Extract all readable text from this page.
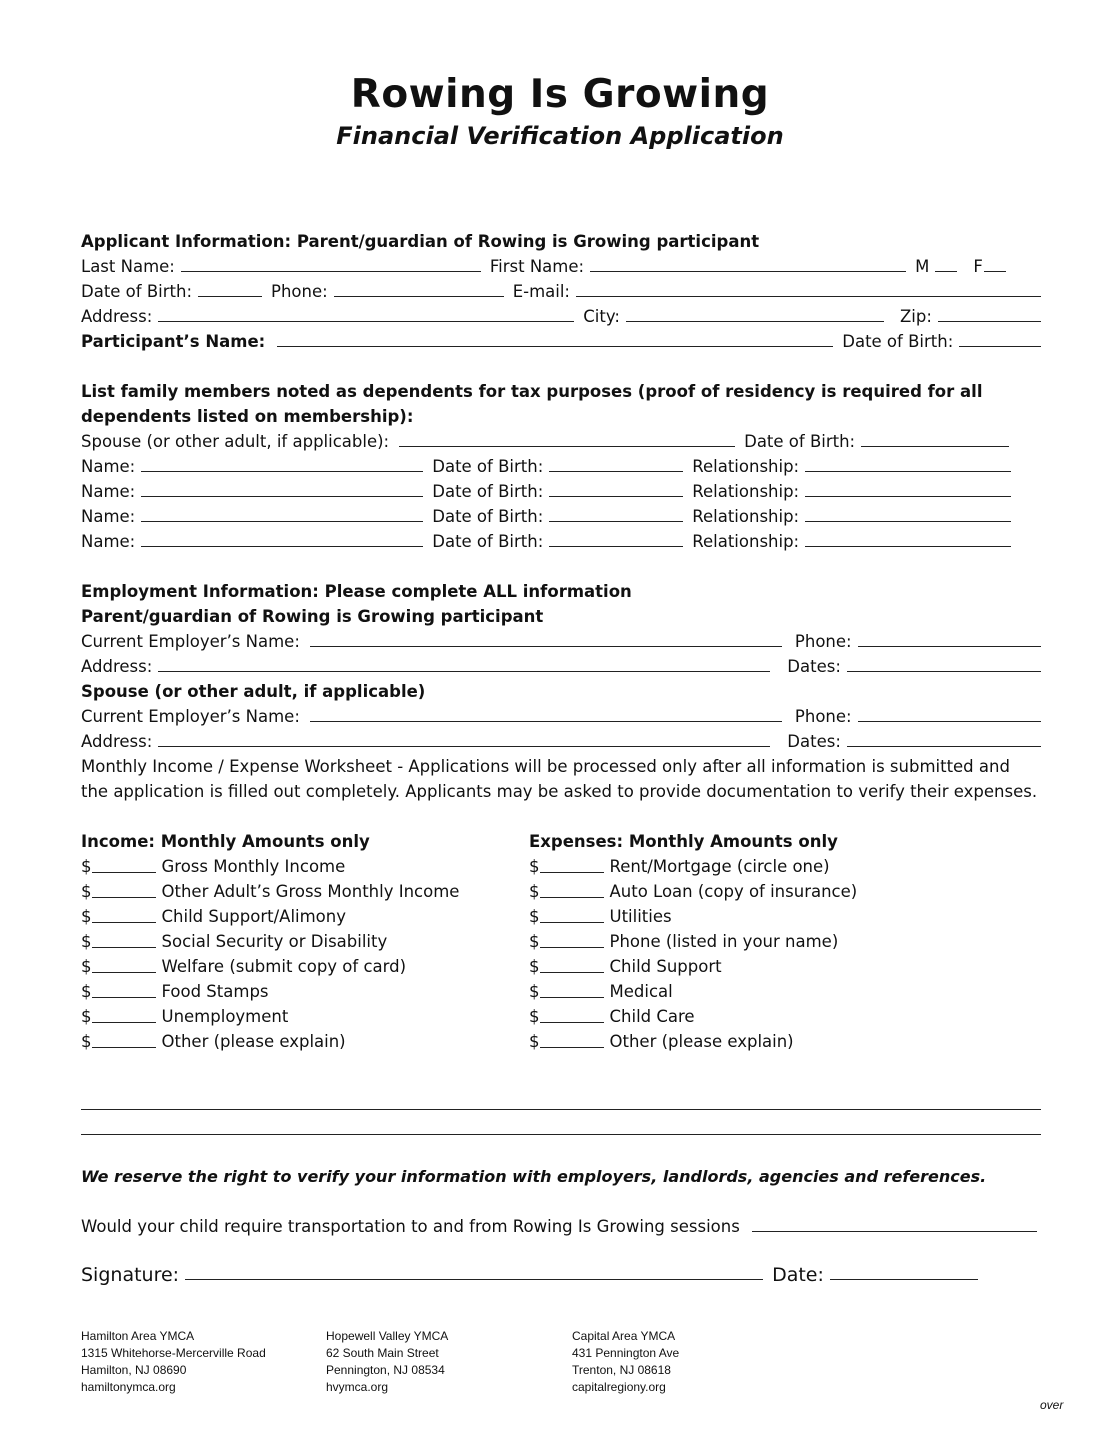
Rowing Is Growing
Financial Verification Application
Applicant Information: Parent/guardian of Rowing is Growing participant
Last Name:	First Name:	M	F
Date of Birth:	Phone:	E-mail:
Address:	City:	Zip:
Participant’s Name:	Date of Birth:
List family members noted as dependents for tax purposes (proof of residency is required for all
dependents listed on membership):
Spouse (or other adult, if applicable):	Date of Birth:
Name:	Date of Birth:	Relationship:
Name:	Date of Birth:	Relationship:
Name:	Date of Birth:	Relationship:
Name:	Date of Birth:	Relationship:
Employment Information: Please complete ALL information
Parent/guardian of Rowing is Growing participant
Current Employer’s Name:	Phone:
Address:	Dates:
Spouse (or other adult, if applicable)
Current Employer’s Name:	Phone:
Address:	Dates:
Monthly Income / Expense Worksheet - Applications will be processed only after all information is submitted and
the application is filled out completely. Applicants may be asked to provide documentation to verify their expenses.
Income: Monthly Amounts only
$	Gross Monthly Income
$	Other Adult’s Gross Monthly Income
$	Child Support/Alimony
$	Social Security or Disability
$	Welfare (submit copy of card)
$	Food Stamps
$	Unemployment
$	Other (please explain)
Expenses: Monthly Amounts only
$	Rent/Mortgage (circle one)
$	Auto Loan (copy of insurance)
$	Utilities
$	Phone (listed in your name)
$	Child Support
$	Medical
$	Child Care
$	Other (please explain)
We reserve the right to verify your information with employers, landlords, agencies and references.
Would your child require transportation to and from Rowing Is Growing sessions
Signature:	Date:
Hamilton Area YMCA
1315 Whitehorse-Mercerville Road
Hamilton, NJ 08690
hamiltonymca.org
Hopewell Valley YMCA
62 South Main Street
Pennington, NJ 08534
hvymca.org
Capital Area YMCA
431 Pennington Ave
Trenton, NJ 08618
capitalregiony.org
over
